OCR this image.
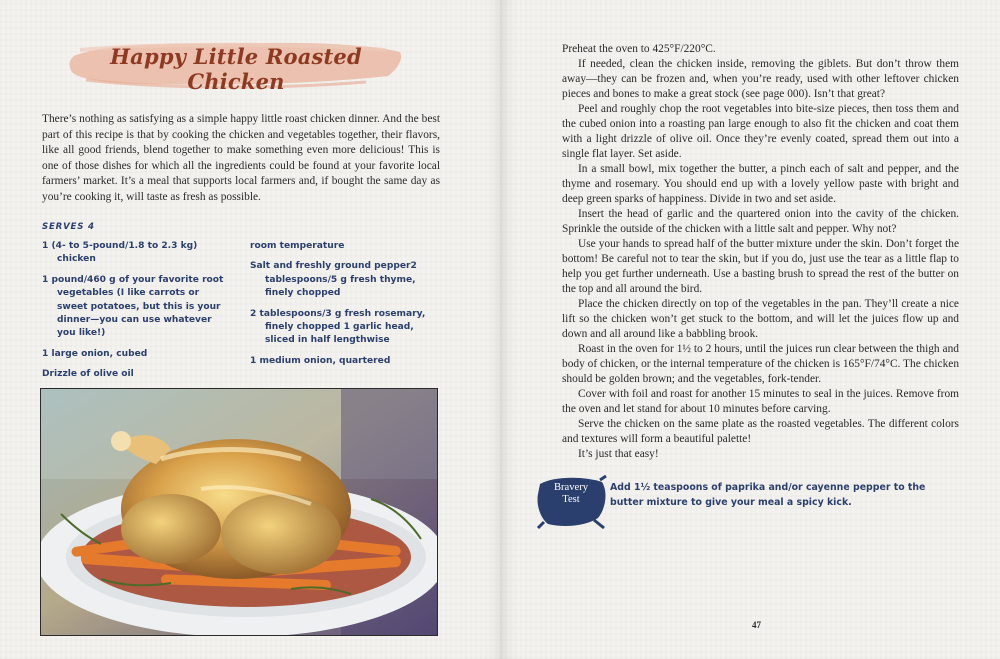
Happy Little Roasted Chicken

There’s nothing as satisfying as a simple happy little roast chicken dinner. And the best part of this recipe is that by cooking the chicken and vegetables together, their flavors, like all good friends, blend together to make something even more delicious! This is one of those dishes for which all the ingredients could be found at your favorite local farmers’ market. It’s a meal that supports local farmers and, if bought the same day as you’re cooking it, will taste as fresh as possible.

SERVES 4
1 (4- to 5-pound/1.8 to 2.3 kg) chicken
1 pound/460 g of your favorite root vegetables (I like carrots or sweet potatoes, but this is your dinner—you can use whatever you like!)
1 large onion, cubed
Drizzle of olive oil
room temperature
Salt and freshly ground pepper2 tablespoons/5 g fresh thyme, finely chopped
2 tablespoons/3 g fresh rosemary, finely chopped 1 garlic head, sliced in half lengthwise
1 medium onion, quartered

Preheat the oven to 425°F/220°C.

If needed, clean the chicken inside, removing the giblets. But don’t throw them away—they can be frozen and, when you’re ready, used with other leftover chicken pieces and bones to make a great stock (see page 000). Isn’t that great?

Peel and roughly chop the root vegetables into bite-size pieces, then toss them and the cubed onion into a roasting pan large enough to also fit the chicken and coat them with a light drizzle of olive oil. Once they’re evenly coated, spread them out into a single flat layer. Set aside.

In a small bowl, mix together the butter, a pinch each of salt and pepper, and the thyme and rosemary. You should end up with a lovely yellow paste with bright and deep green sparks of happiness. Divide in two and set aside.

Insert the head of garlic and the quartered onion into the cavity of the chicken. Sprinkle the outside of the chicken with a little salt and pepper. Why not?

Use your hands to spread half of the butter mixture under the skin. Don’t forget the bottom! Be careful not to tear the skin, but if you do, just use the tear as a little flap to help you get further underneath. Use a basting brush to spread the rest of the butter on the top and all around the bird.

Place the chicken directly on top of the vegetables in the pan. They’ll create a nice lift so the chicken won’t get stuck to the bottom, and will let the juices flow up and down and all around like a babbling brook.

Roast in the oven for 1½ to 2 hours, until the juices run clear between the thigh and body of chicken, or the internal temperature of the chicken is 165°F/74°C. The chicken should be golden brown; and the vegetables, fork-tender.

Cover with foil and roast for another 15 minutes to seal in the juices. Remove from the oven and let stand for about 10 minutes before carving.

Serve the chicken on the same plate as the roasted vegetables. The different colors and textures will form a beautiful palette!

It’s just that easy!

Bravery
Test
Add 1½ teaspoons of paprika and/or cayenne pepper to the butter mixture to give your meal a spicy kick.
47
